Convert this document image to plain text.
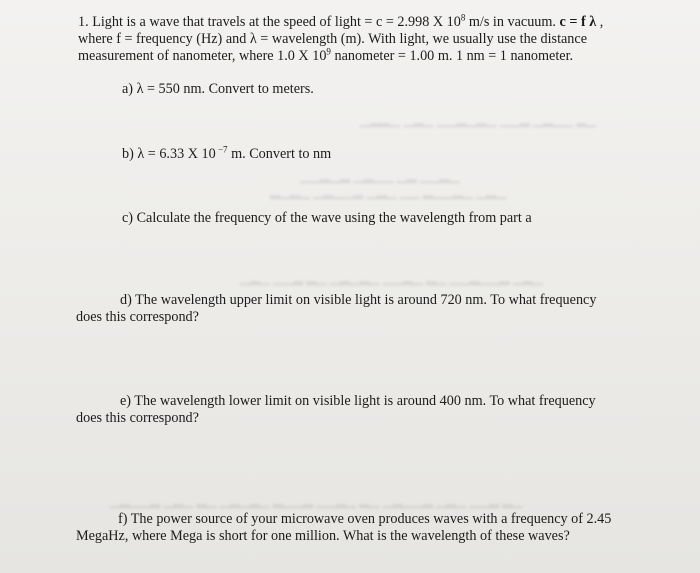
▁▂ ▁▁▂▁ ▂▁▁ ▁▂▁▂▁▁ ▁▂▁ ▁▂▂▁
▁▂▁▁ ▂▁ ▁▁▂▁ ▂▁▂▁▁
▁▂▁ ▁▂▁▁▂ ▁▁ ▁▂▁ ▂▁▁▂▁ ▁▂▁▂
▁▂▁ ▂▁▁▂▁▁ ▁▂ ▁▂▁▁ ▁▂▁▂▁ ▁▂ ▂▁▁ ▁▂▁
▁▂ ▂▁▁ ▁▂▁ ▂▁▁▂▁ ▁▂ ▁▂▁▁ ▂▁▁▂ ▁▂▁▂▁ ▁▂ ▁▂▁ ▂▁▁▂▁
1. Light is a wave that travels at the speed of light = c = 2.998 X $10^8$ m/s in vacuum. c = f λ ,
where f = frequency (Hz) and λ = wavelength (m). With light, we usually use the distance
measurement of nanometer, where 1.0 X $10^9$ nanometer = 1.00 m. 1 nm = 1 nanometer.
a) λ = 550 nm. Convert to meters.
b) λ = 6.33 X 10 $^{-7}$ m. Convert to nm
c) Calculate the frequency of the wave using the wavelength from part a
d) The wavelength upper limit on visible light is around 720 nm. To what frequency
does this correspond?
e) The wavelength lower limit on visible light is around 400 nm. To what frequency
does this correspond?
f) The power source of your microwave oven produces waves with a frequency of 2.45
MegaHz, where Mega is short for one million. What is the wavelength of these waves?
